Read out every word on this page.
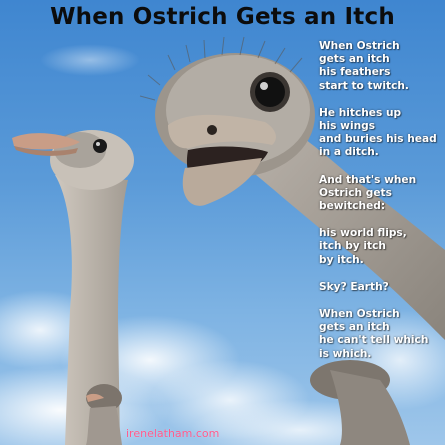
When Ostrich Gets an Itch
When Ostrich
gets an itch
his feathers
start to twitch.
He hitches up
his wings
and buries his head
in a ditch.
And that's when
Ostrich gets
bewitched:
his world flips,
itch by itch
by itch.
Sky? Earth?
When Ostrich
gets an itch
he can't tell which
is which.
irenelatham.com
